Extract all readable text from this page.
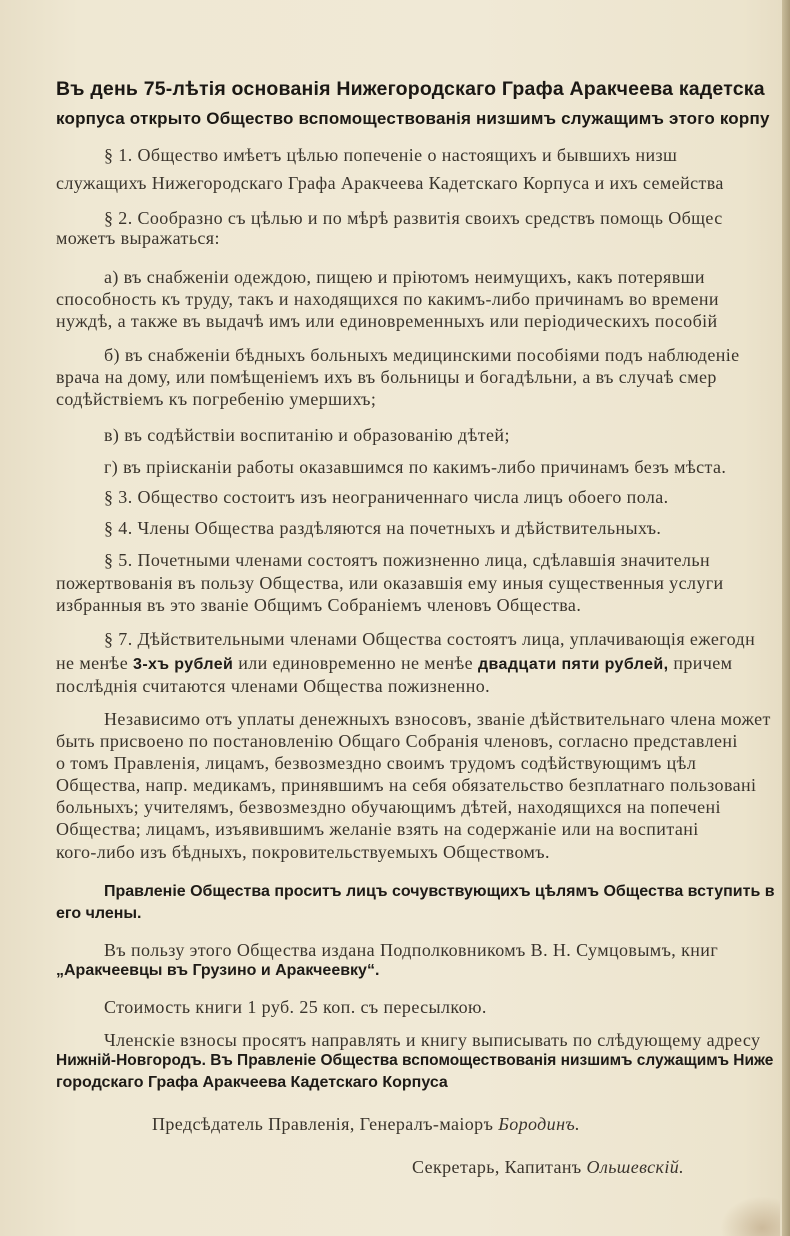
Въ день 75-лѣтія основанія Нижегородскаго Графа Аракчеева кадетска
корпуса открыто Общество вспомоществованія низшимъ служащимъ этого корпу
§ 1. Общество имѣетъ цѣлью попеченіе о настоящихъ и бывшихъ низш
служащихъ Нижегородскаго Графа Аракчеева Кадетскаго Корпуса и ихъ семейства
§ 2. Сообразно съ цѣлью и по мѣрѣ развитія своихъ средствъ помощь Общес
можетъ выражаться:
а) въ снабженіи одеждою, пищею и пріютомъ неимущихъ, какъ потерявши
способность къ труду, такъ и находящихся по какимъ-либо причинамъ во времени
нуждѣ, а также въ выдачѣ имъ или единовременныхъ или періодическихъ пособій
б) въ снабженіи бѣдныхъ больныхъ медицинскими пособіями подъ наблюденіе
врача на дому, или помѣщеніемъ ихъ въ больницы и богадѣльни, а въ случаѣ смер
содѣйствіемъ къ погребенію умершихъ;
в) въ содѣйствіи воспитанію и образованію дѣтей;
г) въ прiисканіи работы оказавшимся по какимъ-либо причинамъ безъ мѣста.
§ 3. Общество состоитъ изъ неограниченнаго числа лицъ обоего пола.
§ 4. Члены Общества раздѣляются на почетныхъ и дѣйствительныхъ.
§ 5. Почетными членами состоятъ пожизненно лица, сдѣлавшія значительн
пожертвованія въ пользу Общества, или оказавшія ему иныя существенныя услуги
избранныя въ это званіе Общимъ Собраніемъ членовъ Общества.
§ 7. Дѣйствительными членами Общества состоятъ лица, уплачивающія ежегодн
не менѣе 3-хъ рублей или единовременно не менѣе двадцати пяти рублей, причем
послѣднія считаются членами Общества пожизненно.
Независимо отъ уплаты денежныхъ взносовъ, званіе дѣйствительнаго члена может
быть присвоено по постановленію Общаго Собранія членовъ, согласно представлені
о томъ Правленія, лицамъ, безвозмездно своимъ трудомъ содѣйствующимъ цѣл
Общества, напр. медикамъ, принявшимъ на себя обязательство безплатнаго пользовані
больныхъ; учителямъ, безвозмездно обучающимъ дѣтей, находящихся на попеченi
Общества; лицамъ, изъявившимъ желаніе взять на содержаніе или на воспитані
кого-либо изъ бѣдныхъ, покровительствуемыхъ Обществомъ.
Правленіе Общества проситъ лицъ сочувствующихъ цѣлямъ Общества вступить в
его члены.
Въ пользу этого Общества издана Подполковникомъ В. Н. Сумцовымъ, книг
„Аракчеевцы въ Грузино и Аракчеевку“.
Стоимость книги 1 руб. 25 коп. съ пересылкою.
Членскіе взносы просятъ направлять и книгу выписывать по слѣдующему адресу
Нижній-Новгородъ. Въ Правленіе Общества вспомоществованія низшимъ служащимъ Ниже
городскаго Графа Аракчеева Кадетскаго Корпуса
Предсѣдатель Правленія, Генералъ-маіоръ Бородинъ.
Секретарь, Капитанъ Ольшевскій.
